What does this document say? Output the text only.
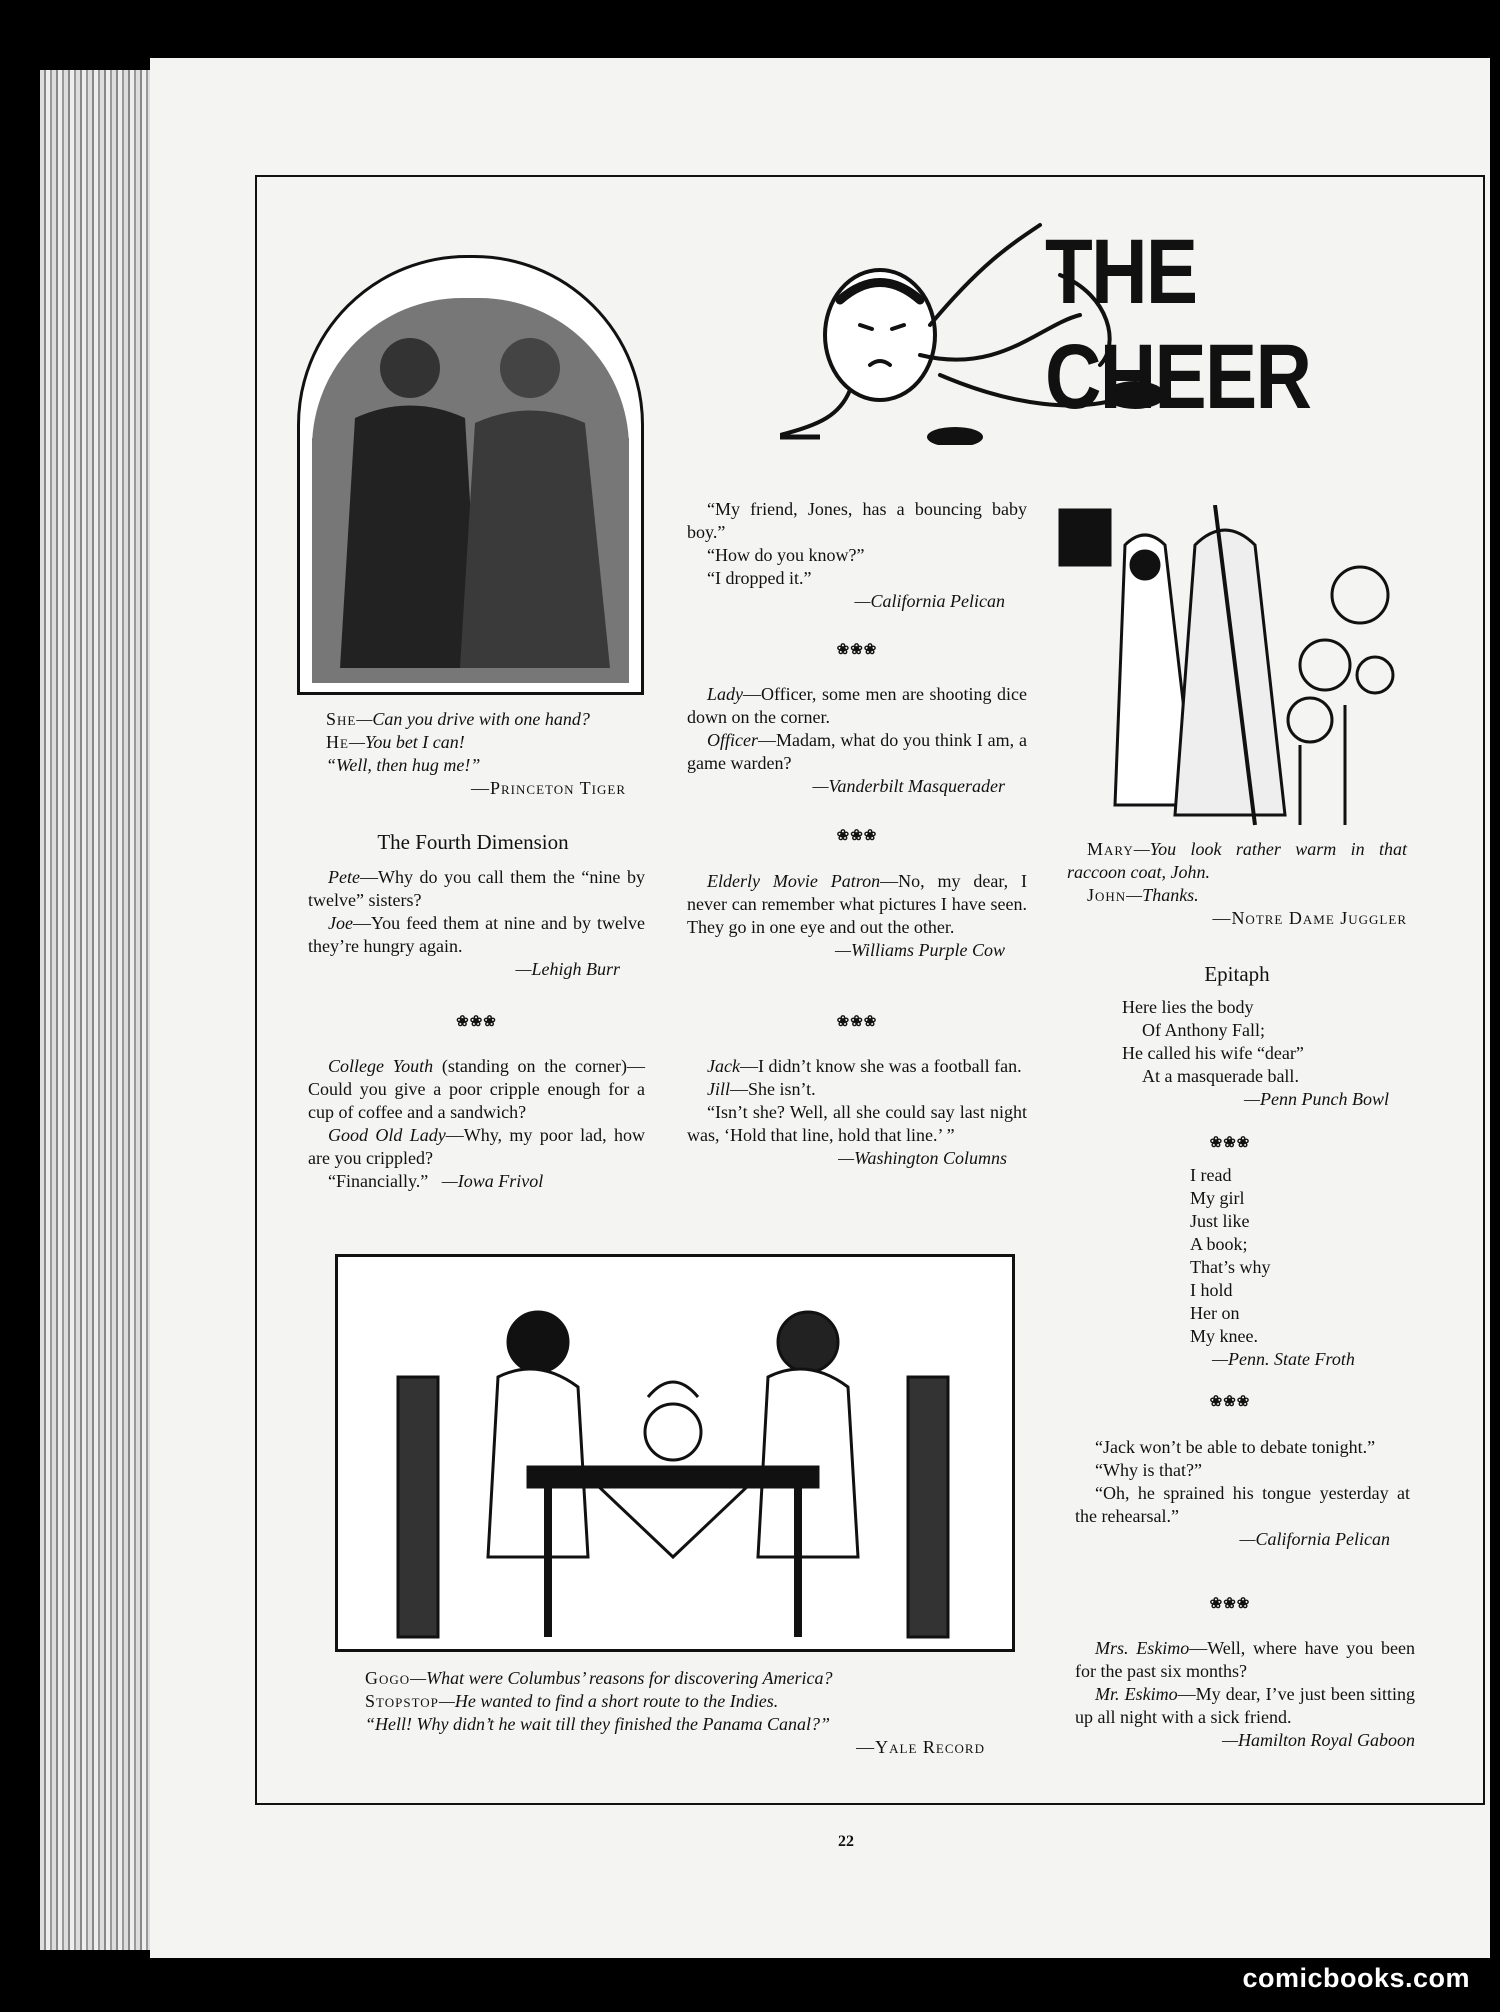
THE CHEER

She—Can you drive with one hand?

He—You bet I can!

“Well, then hug me!”

—Princeton Tiger

The Fourth Dimension

Pete—Why do you call them the “nine by twelve” sisters?

Joe—You feed them at nine and by twelve they’re hungry again.

—Lehigh Burr

❀❀❀

College Youth (standing on the corner)—Could you give a poor cripple enough for a cup of coffee and a sandwich?

Good Old Lady—Why, my poor lad, how are you crippled?

“Financially.” —Iowa Frivol

“My friend, Jones, has a bouncing baby boy.”

“How do you know?”

“I dropped it.”

—California Pelican

❀❀❀

Lady—Officer, some men are shooting dice down on the corner.

Officer—Madam, what do you think I am, a game warden?

—Vanderbilt Masquerader

❀❀❀

Elderly Movie Patron—No, my dear, I never can remember what pictures I have seen. They go in one eye and out the other.

—Williams Purple Cow

❀❀❀

Jack—I didn’t know she was a football fan.

Jill—She isn’t.

“Isn’t she? Well, all she could say last night was, ‘Hold that line, hold that line.’ ”

—Washington Columns

Mary—You look rather warm in that raccoon coat, John.

John—Thanks.

—Notre Dame Juggler

Epitaph

Here lies the body

Of Anthony Fall;

He called his wife “dear”

At a masquerade ball.

—Penn Punch Bowl

❀❀❀

I read

My girl

Just like

A book;

That’s why

I hold

Her on

My knee.

—Penn. State Froth

❀❀❀

“Jack won’t be able to debate tonight.”

“Why is that?”

“Oh, he sprained his tongue yesterday at the rehearsal.”

—California Pelican

❀❀❀

Mrs. Eskimo—Well, where have you been for the past six months?

Mr. Eskimo—My dear, I’ve just been sitting up all night with a sick friend.

—Hamilton Royal Gaboon

Gogo—What were Columbus’ reasons for discovering America?

Stopstop—He wanted to find a short route to the Indies.

“Hell! Why didn’t he wait till they finished the Panama Canal?”

—Yale Record

22
comicbooks.com
